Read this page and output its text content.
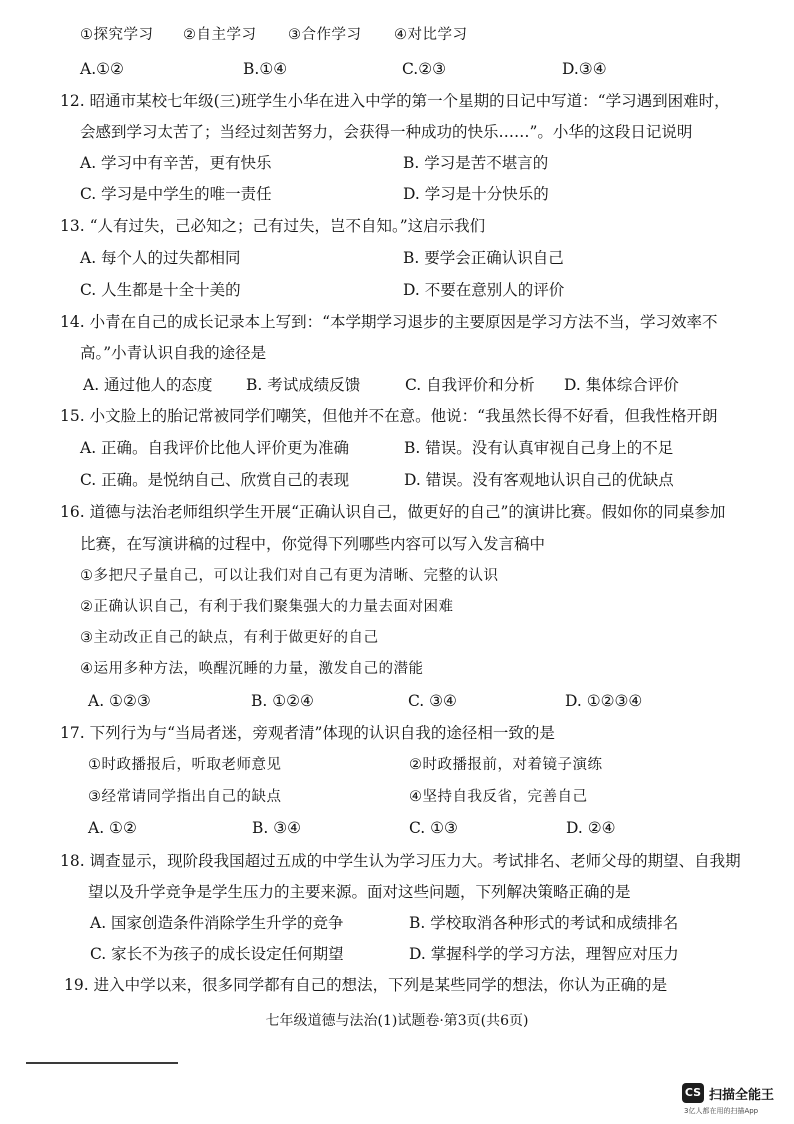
①探究学习 ②自主学习 ③合作学习 ④对比学习
A.①②	B.①④	C.②③	D.③④
12. 昭通市某校七年级(三)班学生小华在进入中学的第一个星期的日记中写道：“学习遇到困难时，
会感到学习太苦了；当经过刻苦努力，会获得一种成功的快乐……”。小华的这段日记说明
A. 学习中有辛苦，更有快乐	B. 学习是苦不堪言的
C. 学习是中学生的唯一责任	D. 学习是十分快乐的
13. “人有过失，己必知之；己有过失，岂不自知。”这启示我们
A. 每个人的过失都相同	B. 要学会正确认识自己
C. 人生都是十全十美的	D. 不要在意别人的评价
14. 小青在自己的成长记录本上写到：“本学期学习退步的主要原因是学习方法不当，学习效率不
高。”小青认识自我的途径是
A. 通过他人的态度 B. 考试成绩反馈	C. 自我评价和分析 D. 集体综合评价
15. 小文脸上的胎记常被同学们嘲笑，但他并不在意。他说：“我虽然长得不好看，但我性格开朗
A. 正确。自我评价比他人评价更为准确	B. 错误。没有认真审视自己身上的不足
C. 正确。是悦纳自己、欣赏自己的表现	D. 错误。没有客观地认识自己的优缺点
16. 道德与法治老师组织学生开展“正确认识自己，做更好的自己”的演讲比赛。假如你的同桌参加
比赛，在写演讲稿的过程中，你觉得下列哪些内容可以写入发言稿中
①多把尺子量自己，可以让我们对自己有更为清晰、完整的认识
②正确认识自己，有利于我们聚集强大的力量去面对困难
③主动改正自己的缺点，有利于做更好的自己
④运用多种方法，唤醒沉睡的力量，激发自己的潜能
A. ①②③	B. ①②④	C. ③④	D. ①②③④
17. 下列行为与“当局者迷，旁观者清”体现的认识自我的途径相一致的是
①时政播报后，听取老师意见	②时政播报前，对着镜子演练
③经常请同学指出自己的缺点	④坚持自我反省，完善自己
A. ①②	B. ③④	C. ①③	D. ②④
18. 调查显示，现阶段我国超过五成的中学生认为学习压力大。考试排名、老师父母的期望、自我期
望以及升学竞争是学生压力的主要来源。面对这些问题，下列解决策略正确的是
A. 国家创造条件消除学生升学的竞争	B. 学校取消各种形式的考试和成绩排名
C. 家长不为孩子的成长设定任何期望	D. 掌握科学的学习方法，理智应对压力
19. 进入中学以来，很多同学都有自己的想法，下列是某些同学的想法，你认为正确的是
七年级道德与法治(1)试题卷·第3页(共6页)
CS 扫描全能王
3亿人都在用的扫描App
